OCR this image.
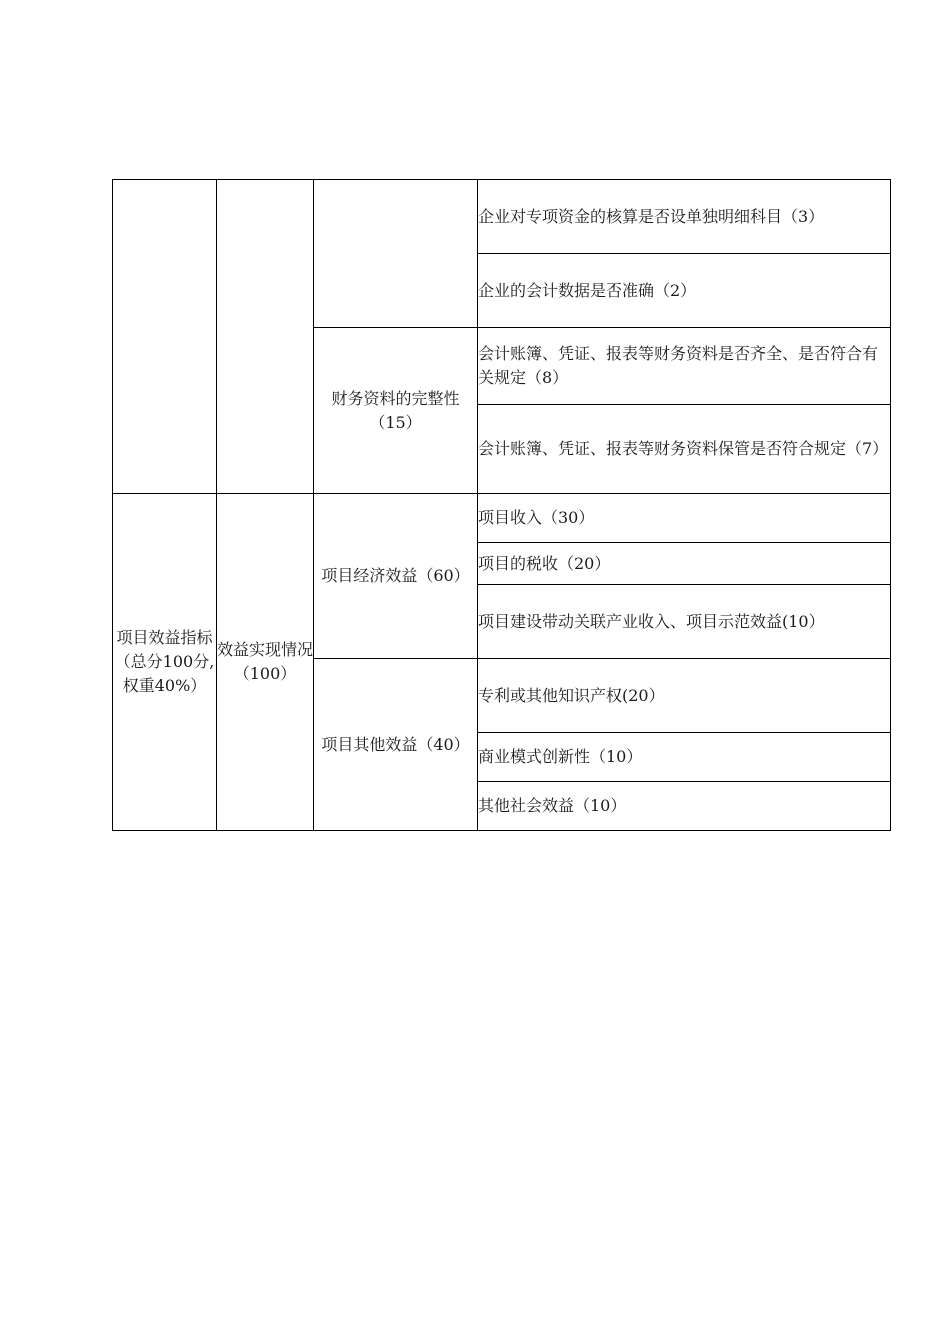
			企业对专项资金的核算是否设单独明细科目（3）
			企业的会计数据是否准确（2）
		财务资料的完整性（15）	会计账簿、凭证、报表等财务资料是否齐全、是否符合有关规定（8）
			会计账簿、凭证、报表等财务资料保管是否符合规定（7）
项目效益指标（总分100分,权重40%）	效益实现情况（100）	项目经济效益（60）	项目收入（30）
			项目的税收（20）
			项目建设带动关联产业收入、项目示范效益(10）
		项目其他效益（40）	专利或其他知识产权(20）
			商业模式创新性（10）
			其他社会效益（10）
